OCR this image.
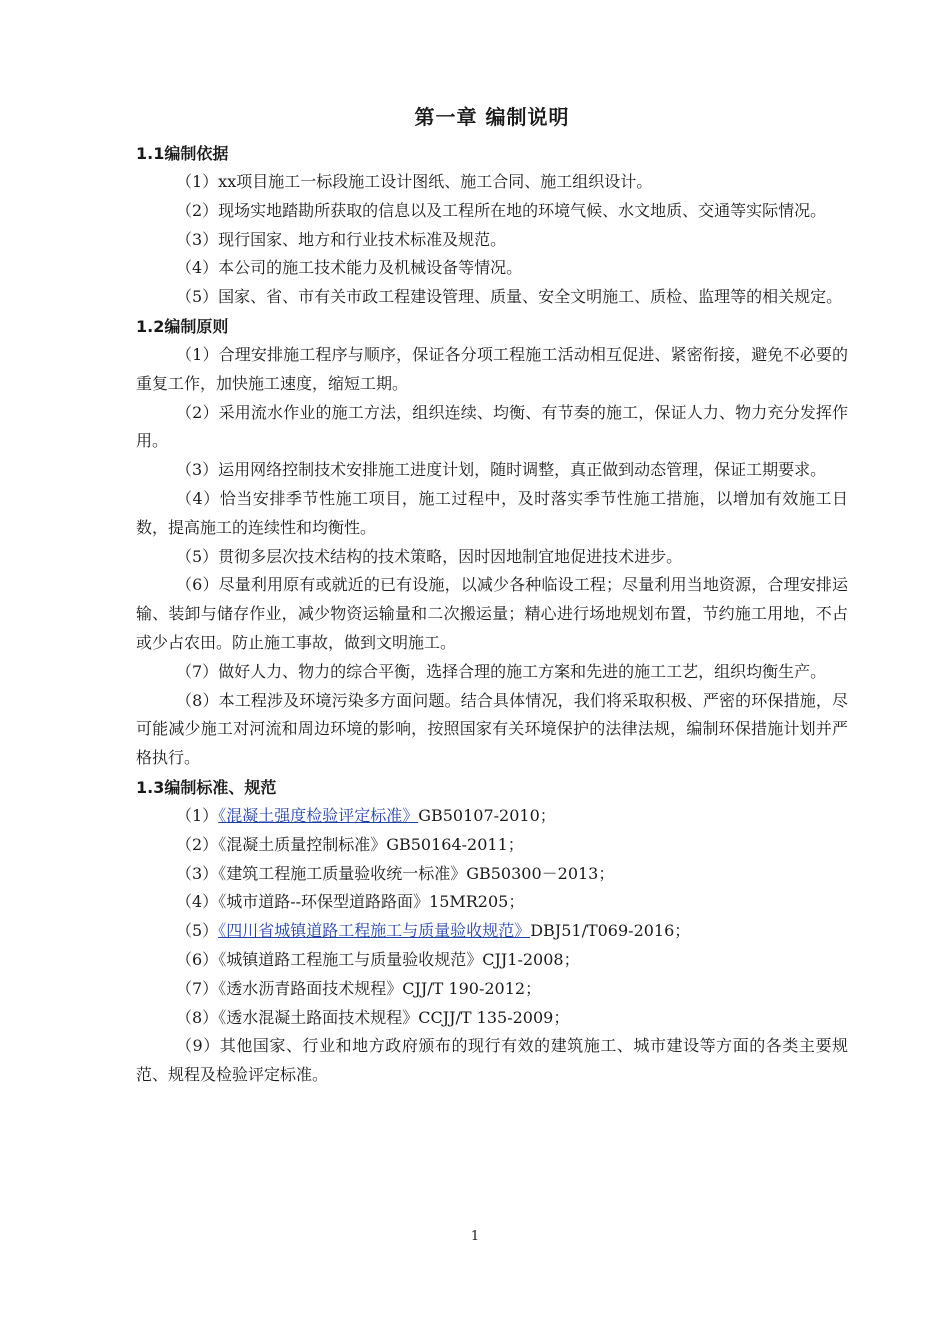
第一章 编制说明
1.1编制依据

（1）xx项目施工一标段施工设计图纸、施工合同、施工组织设计。

（2）现场实地踏勘所获取的信息以及工程所在地的环境气候、水文地质、交通等实际情况。

（3）现行国家、地方和行业技术标准及规范。

（4）本公司的施工技术能力及机械设备等情况。

（5）国家、省、市有关市政工程建设管理、质量、安全文明施工、质检、监理等的相关规定。

1.2编制原则

（1）合理安排施工程序与顺序，保证各分项工程施工活动相互促进、紧密衔接，避免不必要的重复工作，加快施工速度，缩短工期。

（2）采用流水作业的施工方法，组织连续、均衡、有节奏的施工，保证人力、物力充分发挥作用。

（3）运用网络控制技术安排施工进度计划，随时调整，真正做到动态管理，保证工期要求。

（4）恰当安排季节性施工项目，施工过程中，及时落实季节性施工措施，以增加有效施工日数，提高施工的连续性和均衡性。

（5）贯彻多层次技术结构的技术策略，因时因地制宜地促进技术进步。

（6）尽量利用原有或就近的已有设施，以减少各种临设工程；尽量利用当地资源，合理安排运输、装卸与储存作业，减少物资运输量和二次搬运量；精心进行场地规划布置，节约施工用地，不占或少占农田。防止施工事故，做到文明施工。

（7）做好人力、物力的综合平衡，选择合理的施工方案和先进的施工工艺，组织均衡生产。

（8）本工程涉及环境污染多方面问题。结合具体情况，我们将采取积极、严密的环保措施，尽可能减少施工对河流和周边环境的影响，按照国家有关环境保护的法律法规，编制环保措施计划并严格执行。

1.3编制标准、规范

（1）《混凝土强度检验评定标准》GB50107-2010；

（2）《混凝土质量控制标准》GB50164-2011；

（3）《建筑工程施工质量验收统一标准》GB50300－2013；

（4）《城市道路--环保型道路路面》15MR205；

（5）《四川省城镇道路工程施工与质量验收规范》DBJ51/T069-2016；

（6）《城镇道路工程施工与质量验收规范》CJJ1-2008；

（7）《透水沥青路面技术规程》CJJ/T 190-2012；

（8）《透水混凝土路面技术规程》CCJJ/T 135-2009；

（9）其他国家、行业和地方政府颁布的现行有效的建筑施工、城市建设等方面的各类主要规范、规程及检验评定标准。

1
